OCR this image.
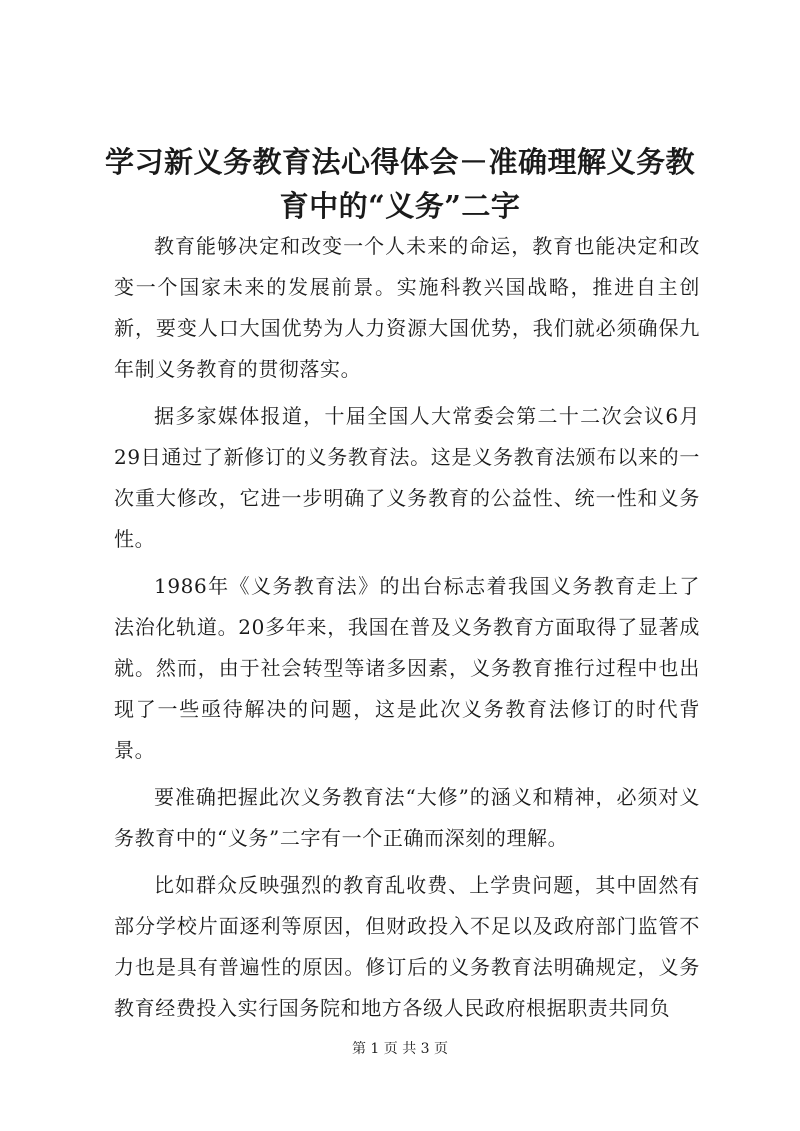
学习新义务教育法心得体会－准确理解义务教育中的“义务”二字

教育能够决定和改变一个人未来的命运，教育也能决定和改变一个国家未来的发展前景。实施科教兴国战略，推进自主创新，要变人口大国优势为人力资源大国优势，我们就必须确保九年制义务教育的贯彻落实。

据多家媒体报道，十届全国人大常委会第二十二次会议6月29日通过了新修订的义务教育法。这是义务教育法颁布以来的一次重大修改，它进一步明确了义务教育的公益性、统一性和义务性。

1986年《义务教育法》的出台标志着我国义务教育走上了法治化轨道。20多年来，我国在普及义务教育方面取得了显著成就。然而，由于社会转型等诸多因素，义务教育推行过程中也出现了一些亟待解决的问题，这是此次义务教育法修订的时代背景。

要准确把握此次义务教育法“大修”的涵义和精神，必须对义务教育中的“义务”二字有一个正确而深刻的理解。

比如群众反映强烈的教育乱收费、上学贵问题，其中固然有部分学校片面逐利等原因，但财政投入不足以及政府部门监管不力也是具有普遍性的原因。修订后的义务教育法明确规定，义务教育经费投入实行国务院和地方各级人民政府根据职责共同负

第 1 页 共 3 页
